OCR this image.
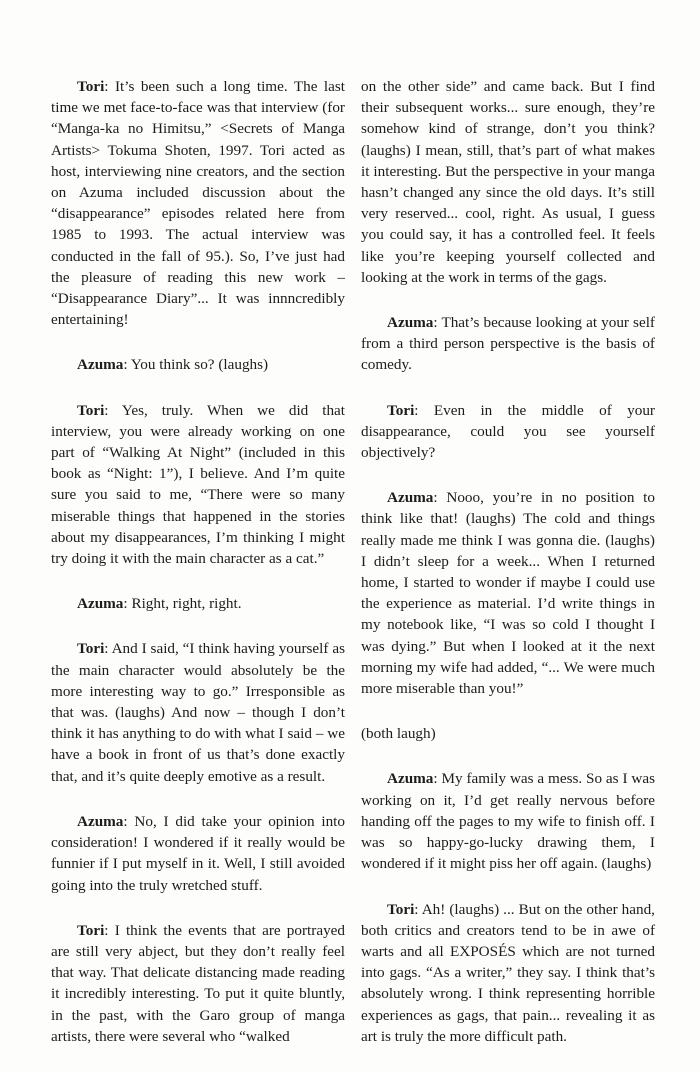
Tori: It’s been such a long time. The last time we met face-to-face was that interview (for “Manga-ka no Himitsu,” <Secrets of Manga Artists> Tokuma Shoten, 1997. Tori acted as host, interviewing nine creators, and the section on Azuma included discussion about the “disappearance” episodes related here from 1985 to 1993. The actual interview was conducted in the fall of 95.). So, I’ve just had the pleasure of reading this new work – “Disappearance Diary”... It was innncredibly entertaining!

Azuma: You think so? (laughs)

Tori: Yes, truly. When we did that interview, you were already working on one part of “Walking At Night” (included in this book as “Night: 1”), I believe. And I’m quite sure you said to me, “There were so many miserable things that happened in the stories about my disappearances, I’m thinking I might try doing it with the main character as a cat.”

Azuma: Right, right, right.

Tori: And I said, “I think having yourself as the main character would absolutely be the more interesting way to go.” Irresponsible as that was. (laughs) And now – though I don’t think it has anything to do with what I said – we have a book in front of us that’s done exactly that, and it’s quite deeply emotive as a result.

Azuma: No, I did take your opinion into consideration! I wondered if it really would be funnier if I put myself in it. Well, I still avoided going into the truly wretched stuff.

Tori: I think the events that are portrayed are still very abject, but they don’t really feel that way. That delicate distancing made reading it incredibly interesting. To put it quite bluntly, in the past, with the Garo group of manga artists, there were several who “walked

on the other side” and came back. But I find their subsequent works... sure enough, they’re somehow kind of strange, don’t you think? (laughs) I mean, still, that’s part of what makes it interesting. But the perspective in your manga hasn’t changed any since the old days. It’s still very reserved... cool, right. As usual, I guess you could say, it has a controlled feel. It feels like you’re keeping yourself collected and looking at the work in terms of the gags.

Azuma: That’s because looking at your self from a third person perspective is the basis of comedy.

Tori: Even in the middle of your disappearance, could you see yourself objectively?

Azuma: Nooo, you’re in no position to think like that! (laughs) The cold and things really made me think I was gonna die. (laughs) I didn’t sleep for a week... When I returned home, I started to wonder if maybe I could use the experience as material. I’d write things in my notebook like, “I was so cold I thought I was dying.” But when I looked at it the next morning my wife had added, “... We were much more miserable than you!”

(both laugh)

Azuma: My family was a mess. So as I was working on it, I’d get really nervous before handing off the pages to my wife to finish off. I was so happy-go-lucky drawing them, I wondered if it might piss her off again. (laughs)

Tori: Ah! (laughs) ... But on the other hand, both critics and creators tend to be in awe of warts and all EXPOSÉS which are not turned into gags. “As a writer,” they say. I think that’s absolutely wrong. I think representing horrible experiences as gags, that pain... revealing it as art is truly the more difficult path.
